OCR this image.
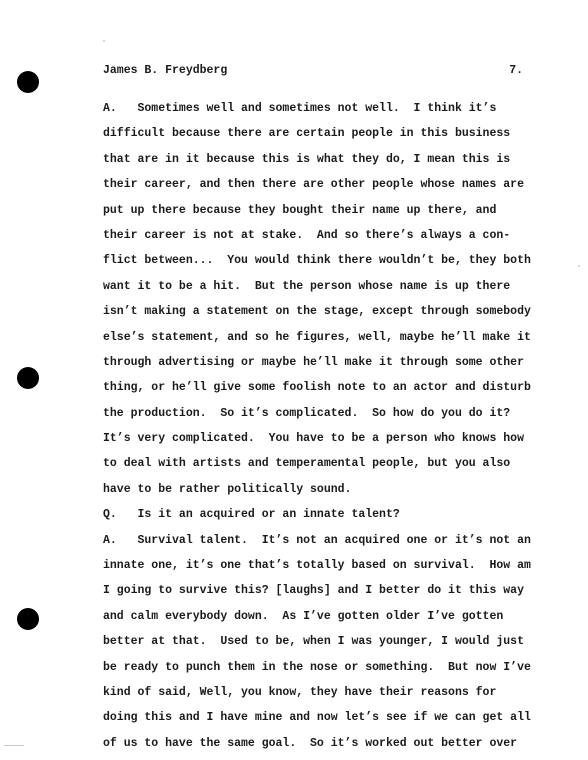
James B. Freydberg	7.
A.   Sometimes well and sometimes not well.  I think it’s
difficult because there are certain people in this business
that are in it because this is what they do, I mean this is
their career, and then there are other people whose names are
put up there because they bought their name up there, and
their career is not at stake.  And so there’s always a con-
flict between...  You would think there wouldn’t be, they both
want it to be a hit.  But the person whose name is up there
isn’t making a statement on the stage, except through somebody
else’s statement, and so he figures, well, maybe he’ll make it
through advertising or maybe he’ll make it through some other
thing, or he’ll give some foolish note to an actor and disturb
the production.  So it’s complicated.  So how do you do it?
It’s very complicated.  You have to be a person who knows how
to deal with artists and temperamental people, but you also
have to be rather politically sound.
Q.   Is it an acquired or an innate talent?
A.   Survival talent.  It’s not an acquired one or it’s not an
innate one, it’s one that’s totally based on survival.  How am
I going to survive this? [laughs] and I better do it this way
and calm everybody down.  As I’ve gotten older I’ve gotten
better at that.  Used to be, when I was younger, I would just
be ready to punch them in the nose or something.  But now I’ve
kind of said, Well, you know, they have their reasons for
doing this and I have mine and now let’s see if we can get all
of us to have the same goal.  So it’s worked out better over
